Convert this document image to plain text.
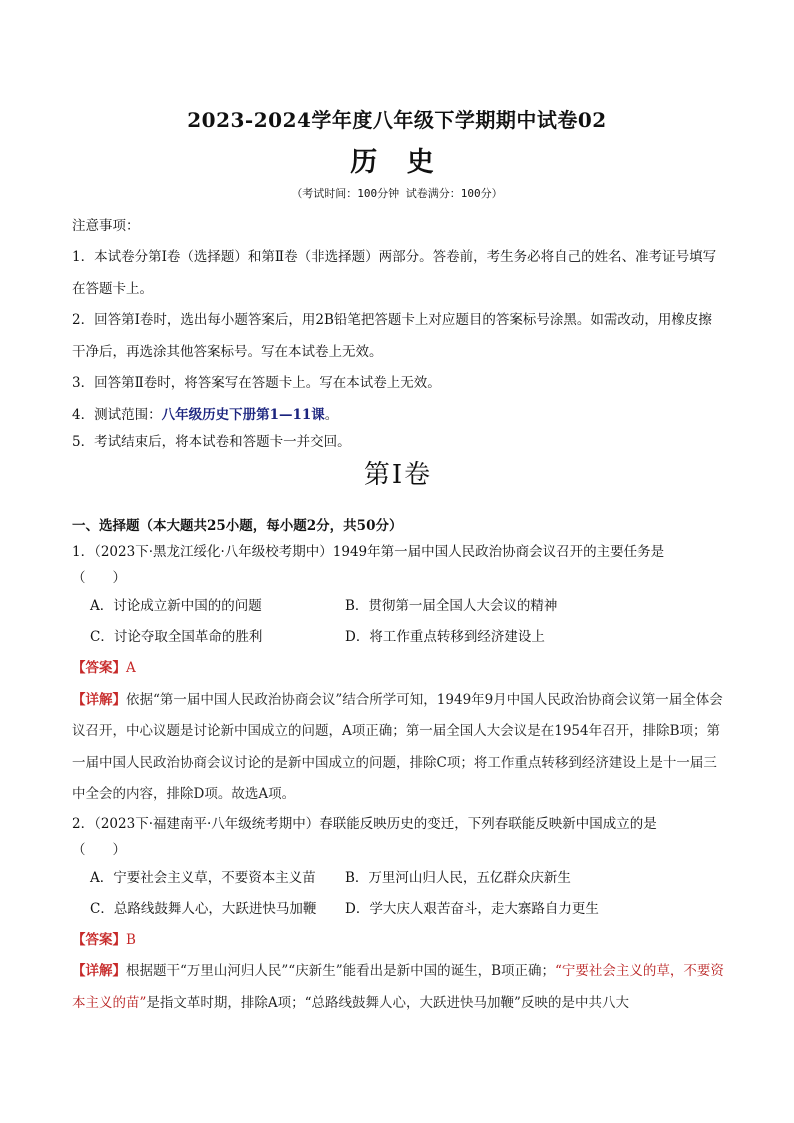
2023-2024学年度八年级下学期期中试卷02
历 史
（考试时间：100分钟 试卷满分：100分）

注意事项：

1．本试卷分第Ⅰ卷（选择题）和第Ⅱ卷（非选择题）两部分。答卷前，考生务必将自己的姓名、准考证号填写在答题卡上。

2．回答第Ⅰ卷时，选出每小题答案后，用2B铅笔把答题卡上对应题目的答案标号涂黑。如需改动，用橡皮擦干净后，再选涂其他答案标号。写在本试卷上无效。

3．回答第Ⅱ卷时，将答案写在答题卡上。写在本试卷上无效。

4．测试范围：八年级历史下册第1—11课。

5．考试结束后，将本试卷和答题卡一并交回。

第Ⅰ卷

一、选择题（本大题共25小题，每小题2分，共50分）

1．（2023下·黑龙江绥化·八年级校考期中）1949年第一届中国人民政治协商会议召开的主要任务是

（　　）

A．讨论成立新中国的的问题	B．贯彻第一届全国人大会议的精神
C．讨论夺取全国革命的胜利	D．将工作重点转移到经济建设上

【答案】A

【详解】依据“第一届中国人民政治协商会议”结合所学可知，1949年9月中国人民政治协商会议第一届全体会议召开，中心议题是讨论新中国成立的问题，A项正确；第一届全国人大会议是在1954年召开，排除B项；第一届中国人民政治协商会议讨论的是新中国成立的问题，排除C项；将工作重点转移到经济建设上是十一届三中全会的内容，排除D项。故选A项。

2．（2023下·福建南平·八年级统考期中）春联能反映历史的变迁，下列春联能反映新中国成立的是

（　　）

A．宁要社会主义草，不要资本主义苗	B．万里河山归人民，五亿群众庆新生
C．总路线鼓舞人心，大跃进快马加鞭	D．学大庆人艰苦奋斗，走大寨路自力更生

【答案】B

【详解】根据题干“万里山河归人民”“庆新生”能看出是新中国的诞生，B项正确；“宁要社会主义的草，不要资本主义的苗”是指文革时期，排除A项；“总路线鼓舞人心，大跃进快马加鞭”反映的是中共八大
